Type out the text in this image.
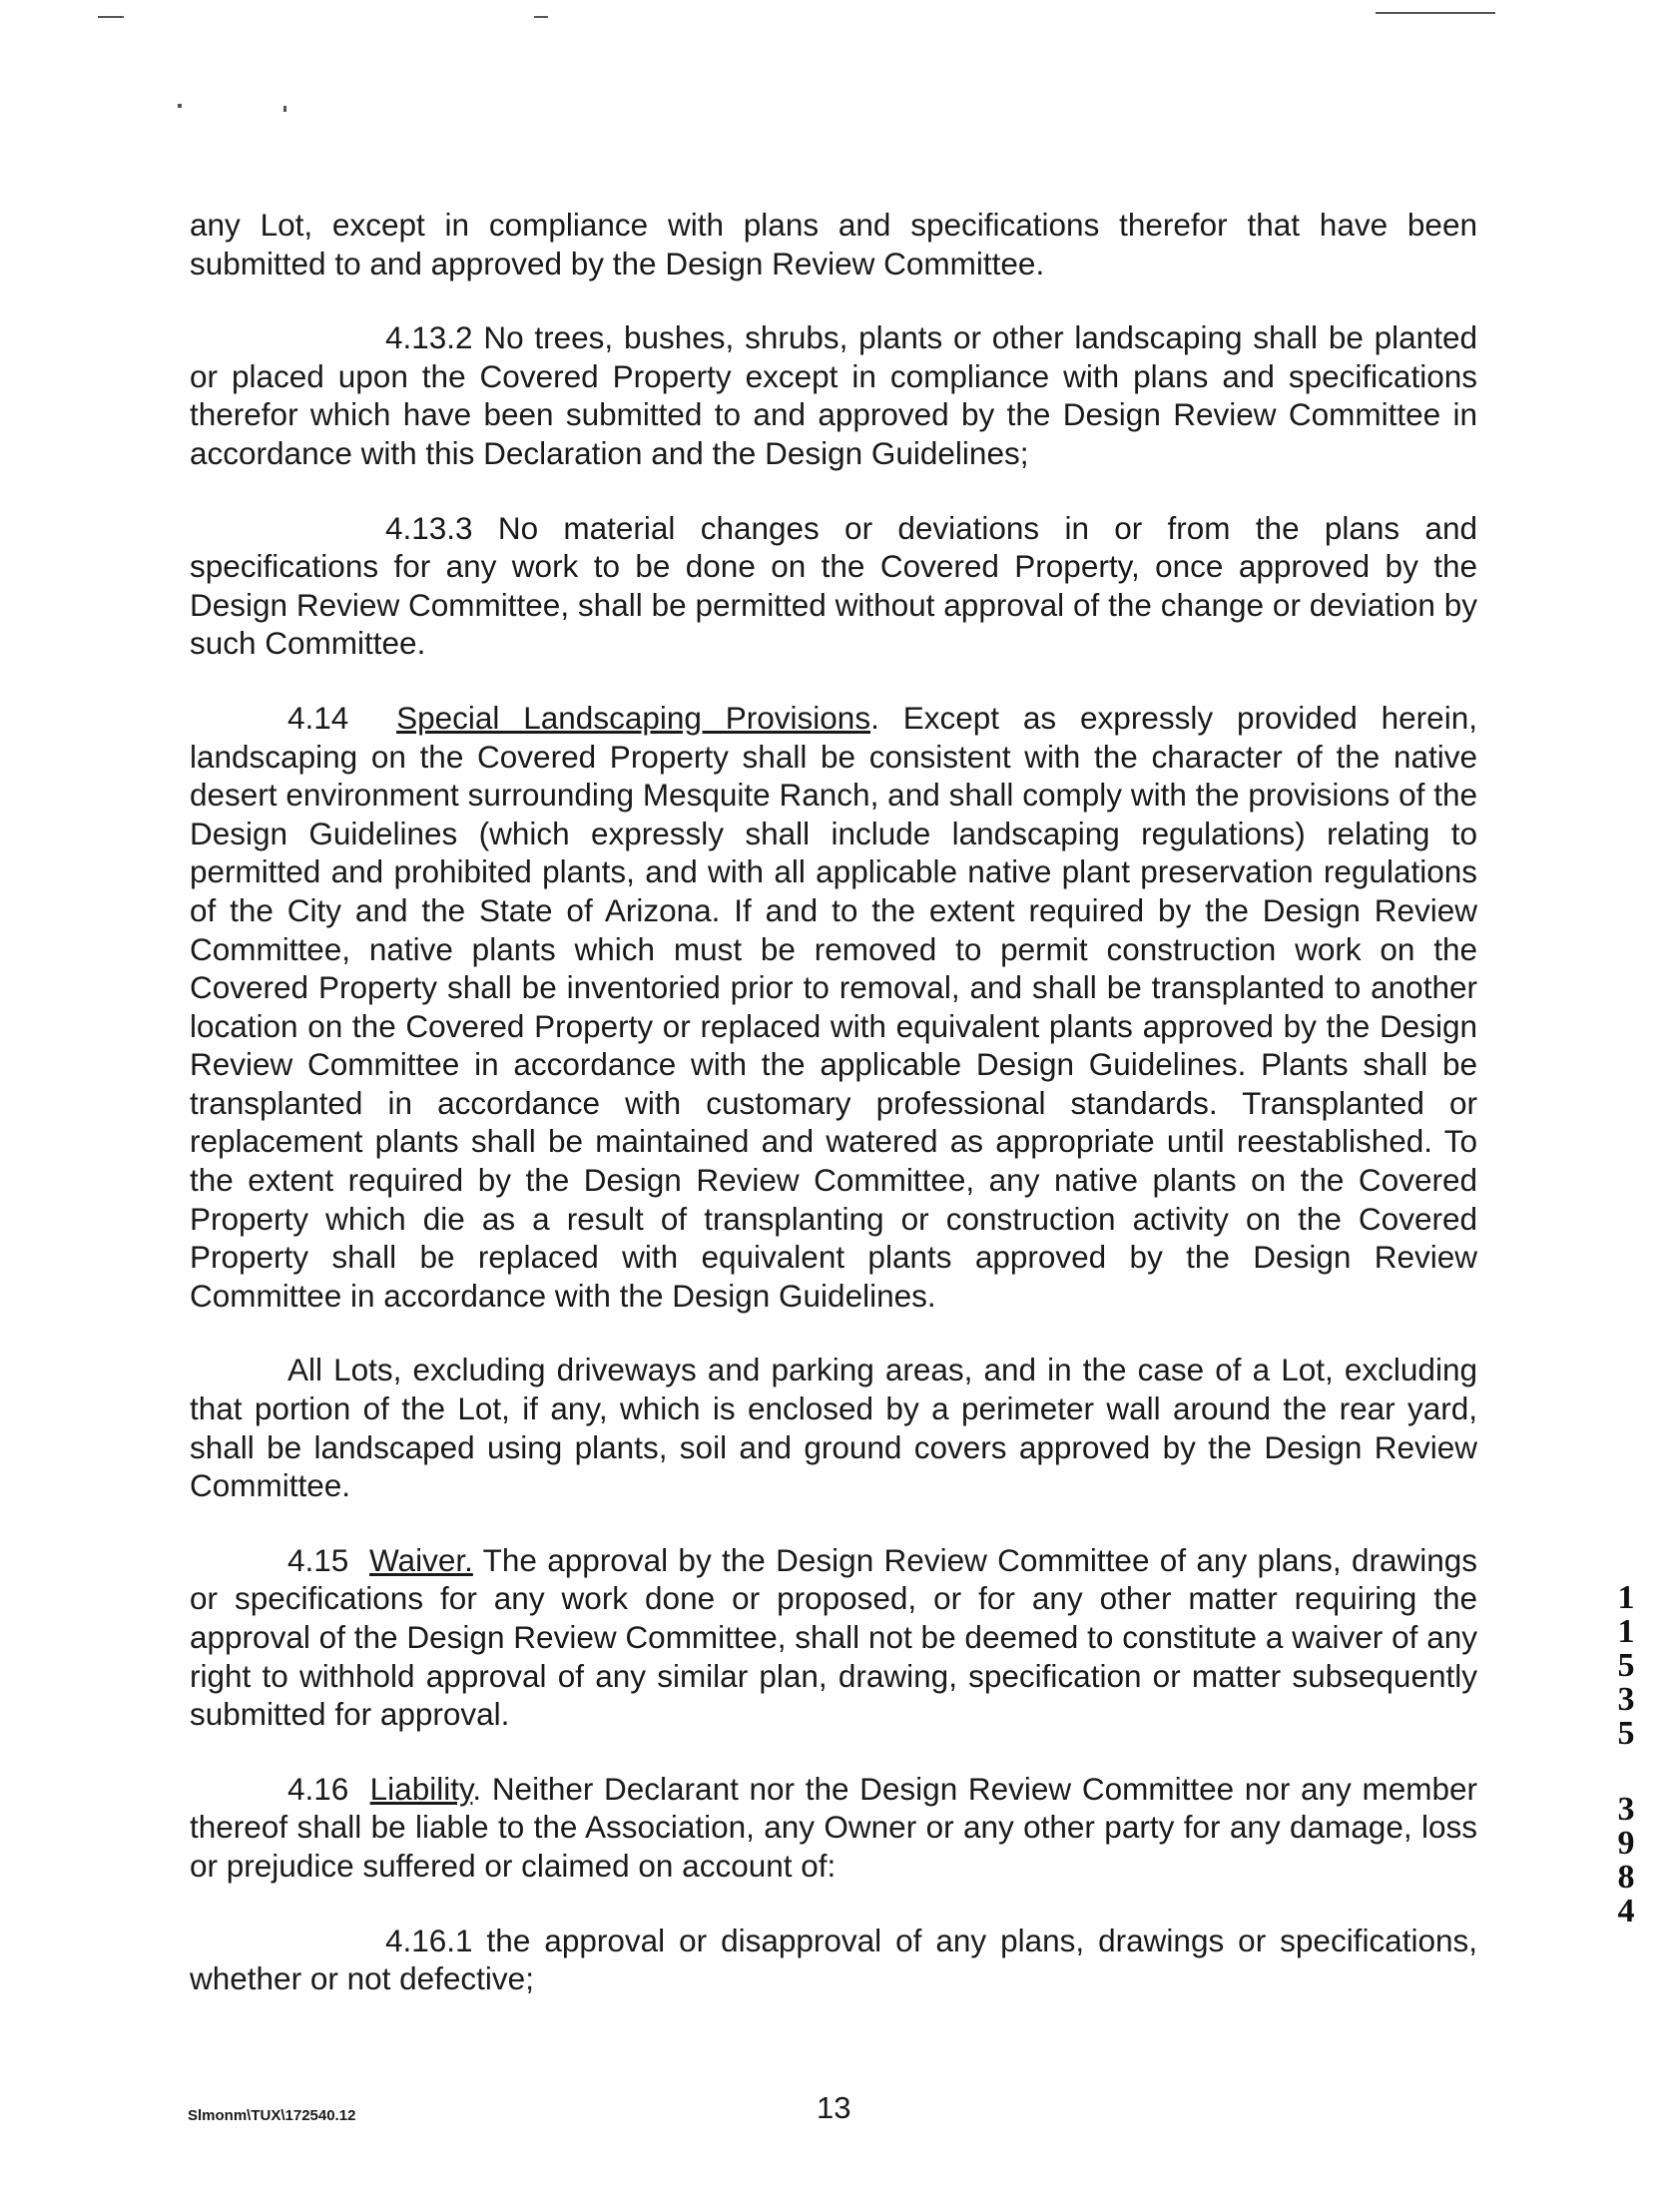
any Lot, except in compliance with plans and specifications therefor that have been submitted to and approved by the Design Review Committee.

4.13.2 No trees, bushes, shrubs, plants or other landscaping shall be planted or placed upon the Covered Property except in compliance with plans and specifications therefor which have been submitted to and approved by the Design Review Committee in accordance with this Declaration and the Design Guidelines;

4.13.3 No material changes or deviations in or from the plans and specifications for any work to be done on the Covered Property, once approved by the Design Review Committee, shall be permitted without approval of the change or deviation by such Committee.

4.14 Special Landscaping Provisions. Except as expressly provided herein, landscaping on the Covered Property shall be consistent with the character of the native desert environment surrounding Mesquite Ranch, and shall comply with the provisions of the Design Guidelines (which expressly shall include landscaping regulations) relating to permitted and prohibited plants, and with all applicable native plant preservation regulations of the City and the State of Arizona. If and to the extent required by the Design Review Committee, native plants which must be removed to permit construction work on the Covered Property shall be inventoried prior to removal, and shall be transplanted to another location on the Covered Property or replaced with equivalent plants approved by the Design Review Committee in accordance with the applicable Design Guidelines. Plants shall be transplanted in accordance with customary professional standards. Transplanted or replacement plants shall be maintained and watered as appropriate until reestablished. To the extent required by the Design Review Committee, any native plants on the Covered Property which die as a result of transplanting or construction activity on the Covered Property shall be replaced with equivalent plants approved by the Design Review Committee in accordance with the Design Guidelines.

All Lots, excluding driveways and parking areas, and in the case of a Lot, excluding that portion of the Lot, if any, which is enclosed by a perimeter wall around the rear yard, shall be landscaped using plants, soil and ground covers approved by the Design Review Committee.

4.15 Waiver. The approval by the Design Review Committee of any plans, drawings or specifications for any work done or proposed, or for any other matter requiring the approval of the Design Review Committee, shall not be deemed to constitute a waiver of any right to withhold approval of any similar plan, drawing, specification or matter subsequently submitted for approval.

4.16 Liability. Neither Declarant nor the Design Review Committee nor any member thereof shall be liable to the Association, any Owner or any other party for any damage, loss or prejudice suffered or claimed on account of:

4.16.1 the approval or disapproval of any plans, drawings or specifications, whether or not defective;

1
1
5
3
5
3
9
8
4
Slmonm\TUX\172540.12	13
